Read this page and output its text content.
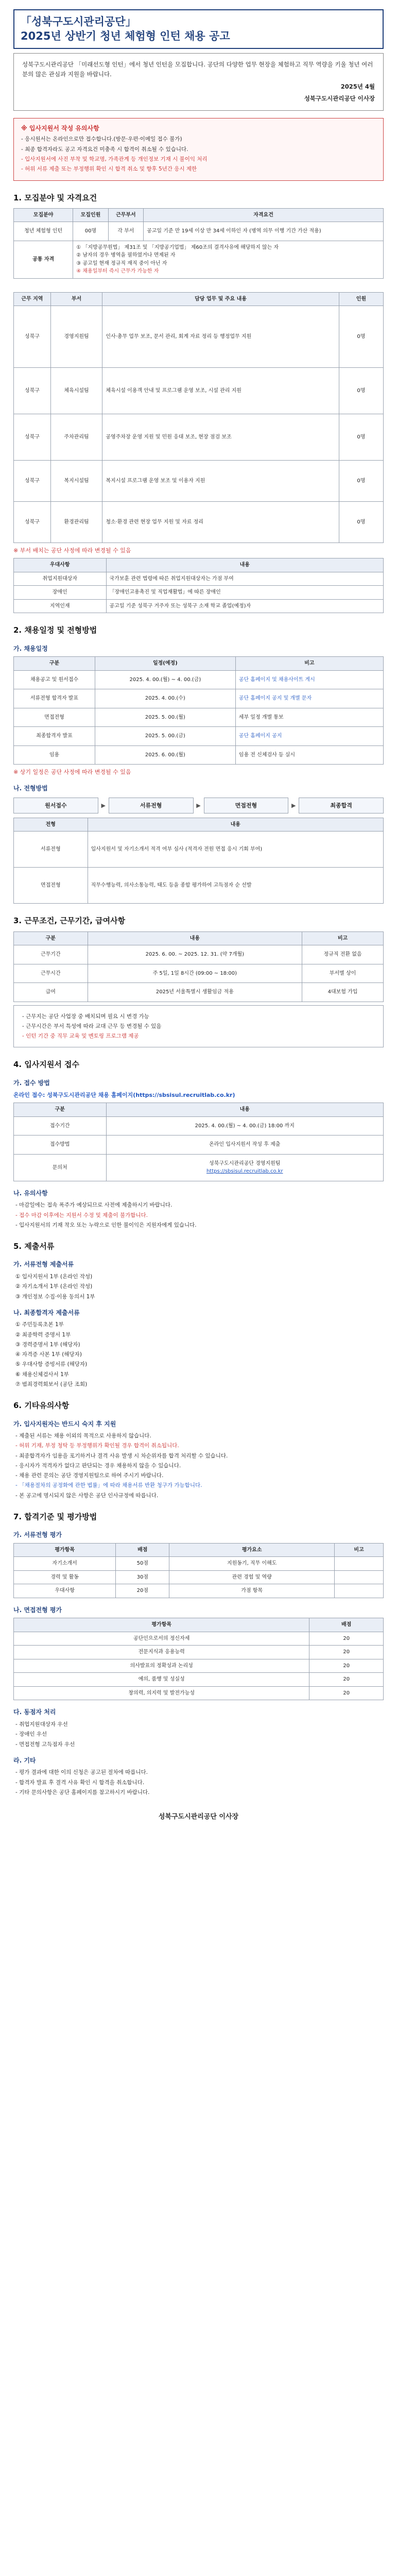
「성북구도시관리공단」
2025년 상반기 청년 체험형 인턴 채용 공고

성북구도시관리공단 「미래선도형 인턴」에서 청년 인턴을 모집합니다. 공단의 다양한 업무 현장을 체험하고 직무 역량을 키울 청년 여러분의 많은 관심과 지원을 바랍니다.

2025년 4월

성북구도시관리공단 이사장

※ 입사지원서 작성 유의사항
- 응시원서는 온라인으로만 접수합니다.(방문·우편·이메일 접수 불가)
- 최종 합격자라도 공고 자격요건 미충족 시 합격이 취소될 수 있습니다.
- 입사지원서에 사진 부착 및 학교명, 가족관계 등 개인정보 기재 시 불이익 처리
- 허위 서류 제출 또는 부정행위 확인 시 합격 취소 및 향후 5년간 응시 제한
1. 모집분야 및 자격요건
모집분야	모집인원	근무부서	자격요건
청년 체험형 인턴	00명	각 부서	공고일 기준 만 19세 이상 만 34세 이하인 자 (병역 의무 이행 기간 가산 적용)
공통 자격	① 「지방공무원법」 제31조 및 「지방공기업법」 제60조의 결격사유에 해당하지 않는 자
② 남자의 경우 병역을 필하였거나 면제된 자
③ 공고일 현재 정규직 재직 중이 아닌 자
④ 채용일부터 즉시 근무가 가능한 자		
근무 지역	부서	담당 업무 및 주요 내용	인원
성북구	경영지원팀	인사·총무 업무 보조, 문서 관리, 회계 자료 정리 등 행정업무 지원	0명
성북구	체육시설팀	체육시설 이용객 안내 및 프로그램 운영 보조, 시설 관리 지원	0명
성북구	주차관리팀	공영주차장 운영 지원 및 민원 응대 보조, 현장 점검 보조	0명
성북구	복지시설팀	복지시설 프로그램 운영 보조 및 이용자 지원	0명
성북구	환경관리팀	청소·환경 관련 현장 업무 지원 및 자료 정리	0명

※ 부서 배치는 공단 사정에 따라 변경될 수 있음

우대사항	내용
취업지원대상자	국가보훈 관련 법령에 따른 취업지원대상자는 가점 부여
장애인	「장애인고용촉진 및 직업재활법」에 따른 장애인
지역인재	공고일 기준 성북구 거주자 또는 성북구 소재 학교 졸업(예정)자
2. 채용일정 및 전형방법
가. 채용일정
구분	일정(예정)	비고
채용공고 및 원서접수	2025. 4. 00.(월) ~ 4. 00.(금)	공단 홈페이지 및 채용사이트 게시
서류전형 합격자 발표	2025. 4. 00.(수)	공단 홈페이지 공지 및 개별 문자
면접전형	2025. 5. 00.(월)	세부 일정 개별 통보
최종합격자 발표	2025. 5. 00.(금)	공단 홈페이지 공지
임용	2025. 6. 00.(월)	임용 전 신체검사 등 실시

※ 상기 일정은 공단 사정에 따라 변경될 수 있음

나. 전형방법
원서접수	▶	서류전형	▶	면접전형	▶	최종합격
전형	내용
서류전형	입사지원서 및 자기소개서 적격 여부 심사 (적격자 전원 면접 응시 기회 부여)
면접전형	직무수행능력, 의사소통능력, 태도 등을 종합 평가하여 고득점자 순 선발
3. 근무조건, 근무기간, 급여사항
구분	내용	비고
근무기간	2025. 6. 00. ~ 2025. 12. 31. (약 7개월)	정규직 전환 없음
근무시간	주 5일, 1일 8시간 (09:00 ~ 18:00)	부서별 상이
급여	2025년 서울특별시 생활임금 적용	4대보험 가입
- 근무지는 공단 사업장 중 배치되며 필요 시 변경 가능
- 근무시간은 부서 특성에 따라 교대 근무 등 변경될 수 있음
- 인턴 기간 중 직무 교육 및 멘토링 프로그램 제공
4. 입사지원서 접수
가. 접수 방법

온라인 접수: 성북구도시관리공단 채용 홈페이지(https://sbsisul.recruitlab.co.kr)

구분	내용
접수기간	2025. 4. 00.(월) ~ 4. 00.(금) 18:00 까지
접수방법	온라인 입사지원서 작성 후 제출
문의처	성북구도시관리공단 경영지원팀
https://sbsisul.recruitlab.co.kr
나. 유의사항
- 마감일에는 접속 폭주가 예상되므로 사전에 제출하시기 바랍니다.
- 접수 마감 이후에는 지원서 수정 및 제출이 불가합니다.
- 입사지원서의 기재 착오 또는 누락으로 인한 불이익은 지원자에게 있습니다.
5. 제출서류
가. 서류전형 제출서류
① 입사지원서 1부 (온라인 작성)
② 자기소개서 1부 (온라인 작성)
③ 개인정보 수집·이용 동의서 1부
나. 최종합격자 제출서류
① 주민등록초본 1부
② 최종학력 증명서 1부
③ 경력증명서 1부 (해당자)
④ 자격증 사본 1부 (해당자)
⑤ 우대사항 증빙서류 (해당자)
⑥ 채용신체검사서 1부
⑦ 범죄경력회보서 (공단 조회)
6. 기타유의사항
가. 입사지원자는 반드시 숙지 후 지원
- 제출된 서류는 채용 이외의 목적으로 사용하지 않습니다.
- 허위 기재, 부정 청탁 등 부정행위가 확인될 경우 합격이 취소됩니다.
- 최종합격자가 임용을 포기하거나 결격 사유 발생 시 차순위자를 합격 처리할 수 있습니다.
- 응시자가 적격자가 없다고 판단되는 경우 채용하지 않을 수 있습니다.
- 채용 관련 문의는 공단 경영지원팀으로 하여 주시기 바랍니다.
- 「채용절차의 공정화에 관한 법률」에 따라 채용서류 반환 청구가 가능합니다.
- 본 공고에 명시되지 않은 사항은 공단 인사규정에 따릅니다.
7. 합격기준 및 평가방법
가. 서류전형 평가
평가항목	배점	평가요소	비고
자기소개서	50점	지원동기, 직무 이해도	
경력 및 활동	30점	관련 경험 및 역량	
우대사항	20점	가점 항목	
나. 면접전형 평가
평가항목	배점
공단인으로서의 정신자세	20
전문지식과 응용능력	20
의사발표의 정확성과 논리성	20
예의, 품행 및 성실성	20
창의력, 의지력 및 발전가능성	20
다. 동점자 처리
- 취업지원대상자 우선
- 장애인 우선
- 면접전형 고득점자 우선
라. 기타
- 평가 결과에 대한 이의 신청은 공고된 절차에 따릅니다.
- 합격자 발표 후 결격 사유 확인 시 합격을 취소합니다.
- 기타 문의사항은 공단 홈페이지를 참고하시기 바랍니다.

성북구도시관리공단 이사장
